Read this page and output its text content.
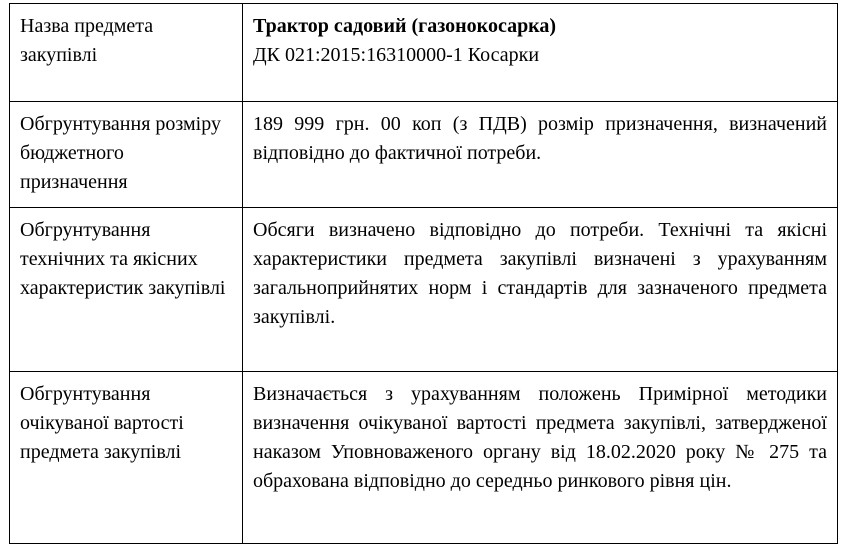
Назва предмета закупівлі	Трактор садовий (газонокосарка)
ДК 021:2015:16310000-1 Косарки
Обгрунтування розміру бюджетного призначення	189 999 грн. 00 коп (з ПДВ) розмір призначення, визначений відповідно до фактичної потреби.
Обгрунтування технічних та якісних характеристик закупівлі	Обсяги визначено відповідно до потреби. Технічні та якісні характеристики предмета закупівлі визначені з урахуванням загальноприйнятих норм і стандартів для зазначеного предмета закупівлі.
Обгрунтування очікуваної вартості предмета закупівлі	Визначається з урахуванням положень Примірної методики визначення очікуваної вартості предмета закупівлі, затвердженої наказом Уповноваженого органу від 18.02.2020 року № 275 та обрахована відповідно до середньо ринкового рівня цін.
